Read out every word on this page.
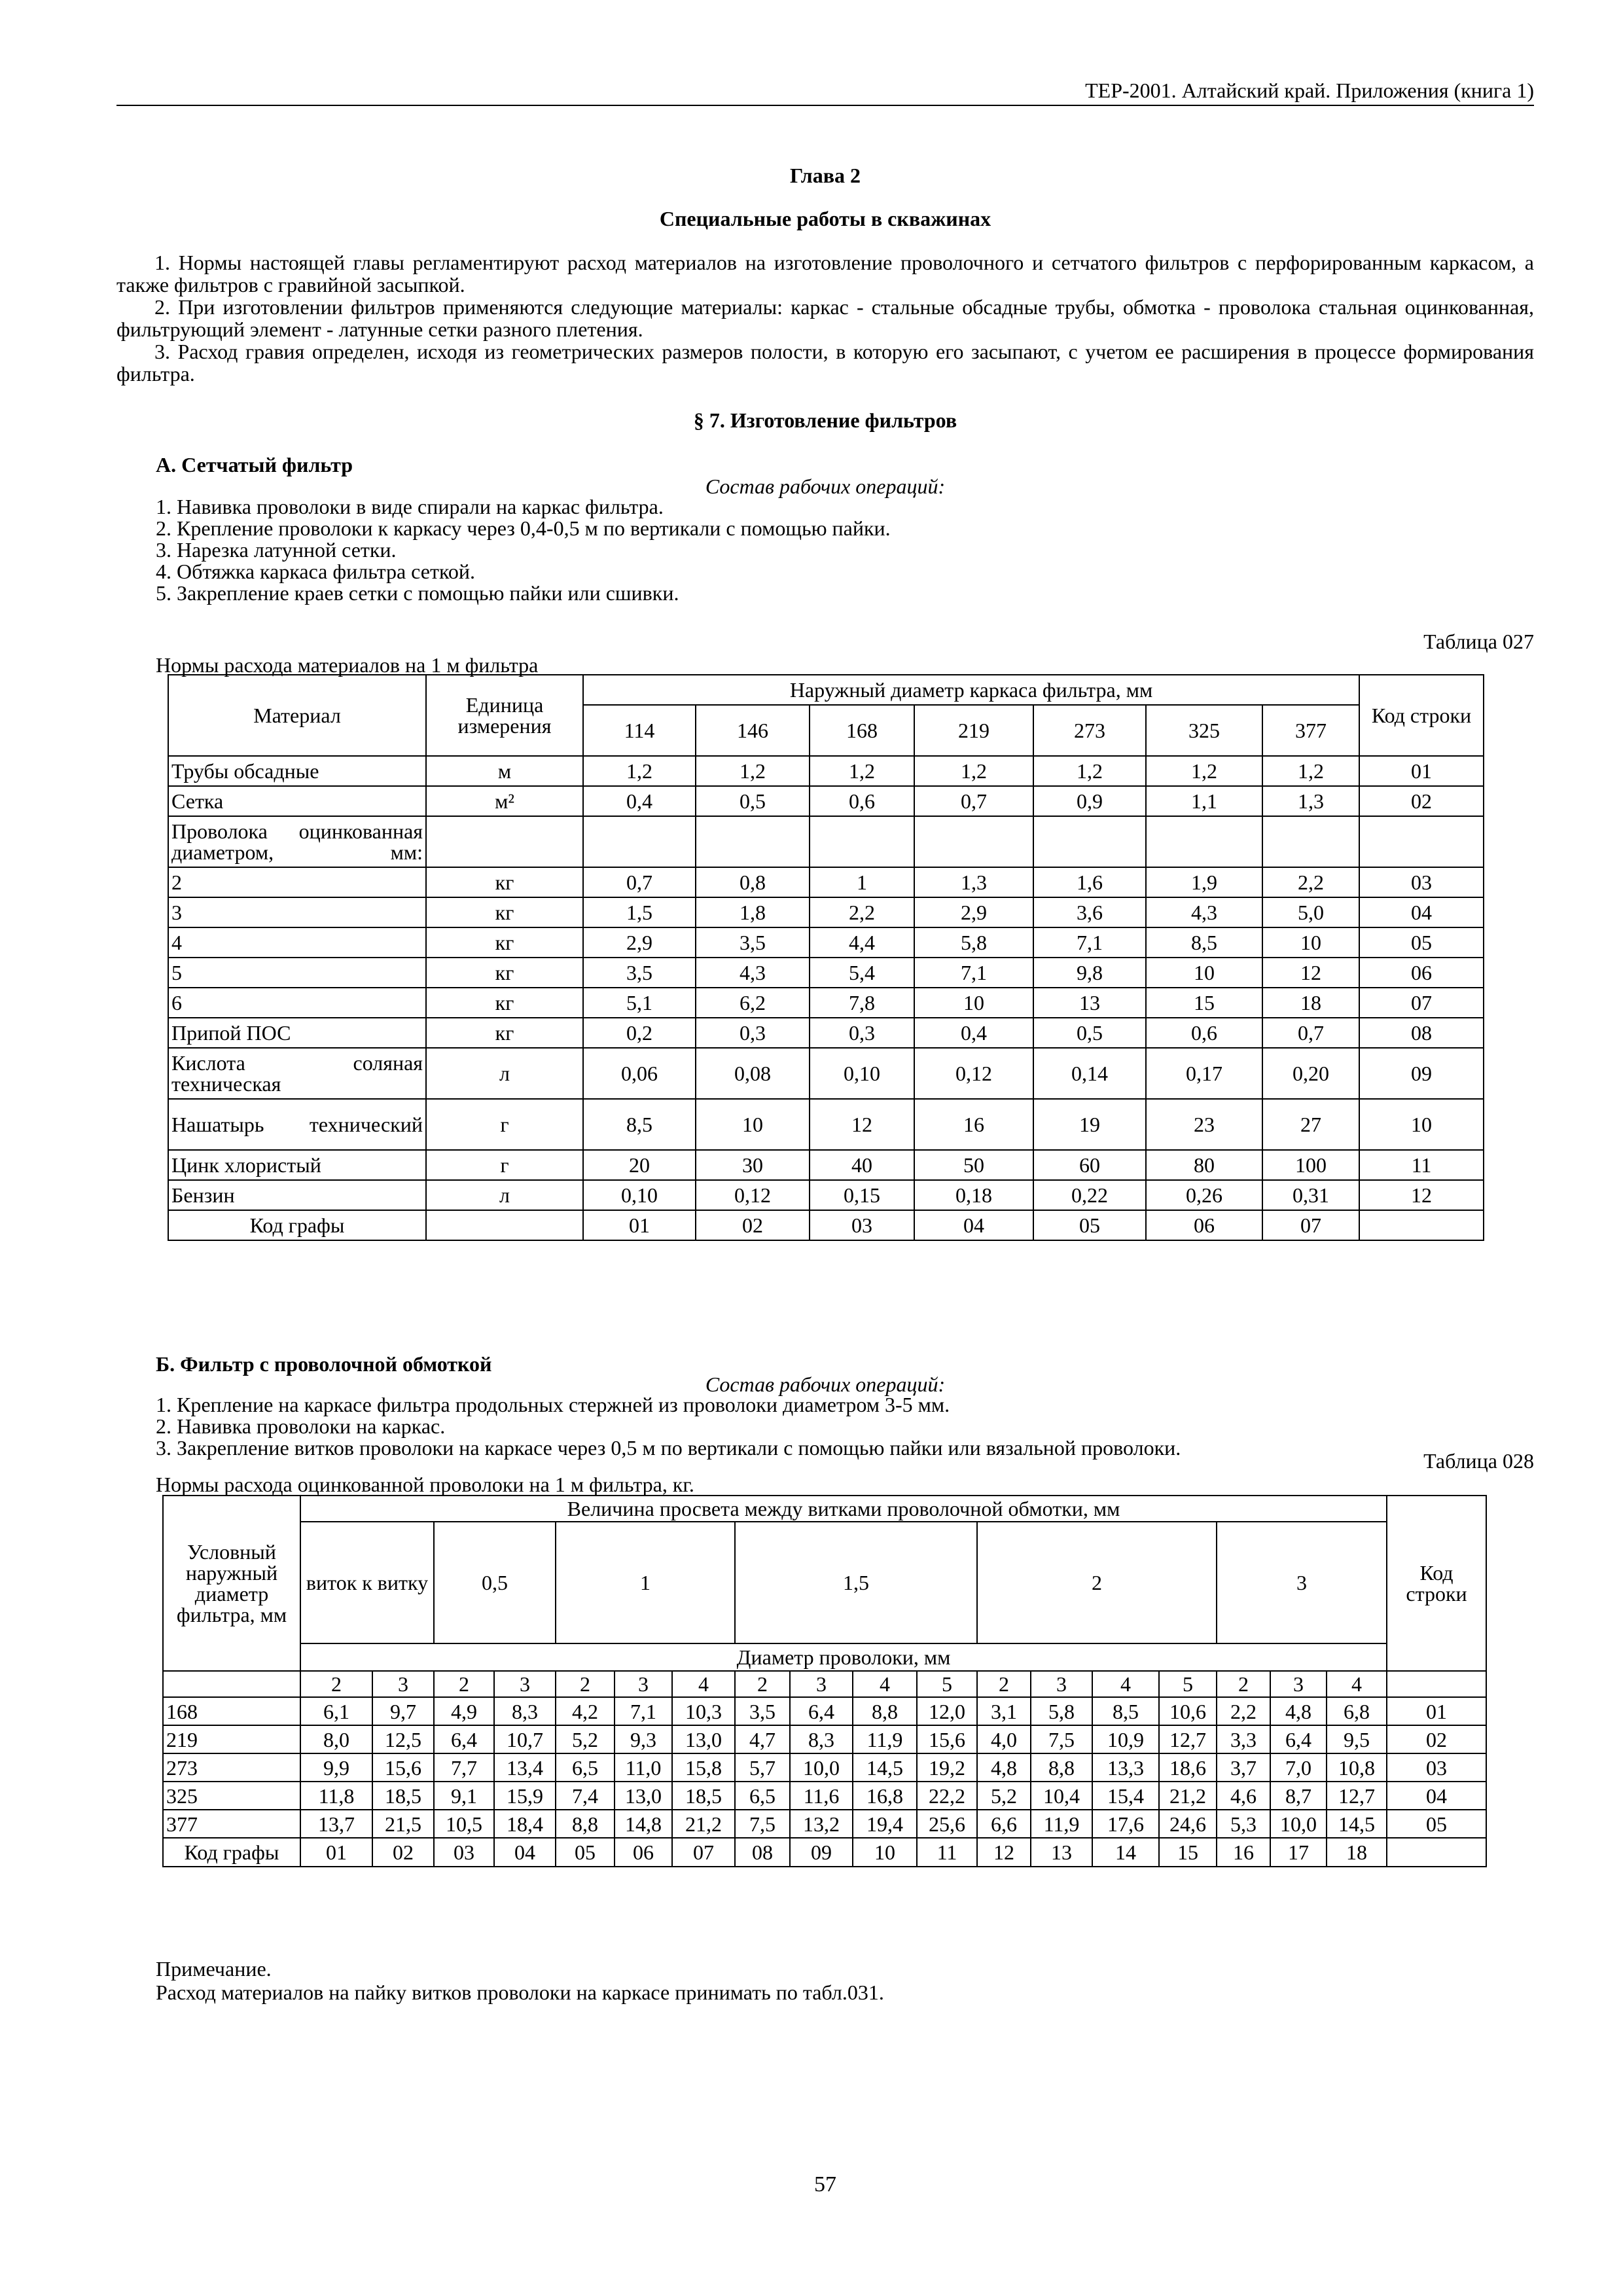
ТЕР-2001. Алтайский край. Приложения (книга 1)
Глава 2
Специальные работы в скважинах

1. Нормы настоящей главы регламентируют расход материалов на изготовление проволочного и сетчатого фильтров с перфорированным каркасом, а также фильтров с гравийной засыпкой.

2. При изготовлении фильтров применяются следующие материалы: каркас - стальные обсадные трубы, обмотка - проволока стальная оцинкованная, фильтрующий элемент - латунные сетки разного плетения.

3. Расход гравия определен, исходя из геометрических размеров полости, в которую его засыпают, с учетом ее расширения в процессе формирования фильтра.

§ 7. Изготовление фильтров
А. Сетчатый фильтр
Состав рабочих операций:
1. Навивка проволоки в виде спирали на каркас фильтра.
2. Крепление проволоки к каркасу через 0,4-0,5 м по вертикали с помощью пайки.
3. Нарезка латунной сетки.
4. Обтяжка каркаса фильтра сеткой.
5. Закрепление краев сетки с помощью пайки или сшивки.
Таблица 027
Нормы расхода материалов на 1 м фильтра
Материал	Единица измерения	Наружный диаметр каркаса фильтра, мм							Код строки
		114	146	168	219	273	325	377	
Трубы обсадные	м	1,2	1,2	1,2	1,2	1,2	1,2	1,2	01
Сетка	м²	0,4	0,5	0,6	0,7	0,9	1,1	1,3	02
Проволока оцинкованная диаметром, мм:									
2	кг	0,7	0,8	1	1,3	1,6	1,9	2,2	03
3	кг	1,5	1,8	2,2	2,9	3,6	4,3	5,0	04
4	кг	2,9	3,5	4,4	5,8	7,1	8,5	10	05
5	кг	3,5	4,3	5,4	7,1	9,8	10	12	06
6	кг	5,1	6,2	7,8	10	13	15	18	07
Припой ПОС	кг	0,2	0,3	0,3	0,4	0,5	0,6	0,7	08
Кислота соляная техническая	л	0,06	0,08	0,10	0,12	0,14	0,17	0,20	09
Нашатырь технический	г	8,5	10	12	16	19	23	27	10
Цинк хлористый	г	20	30	40	50	60	80	100	11
Бензин	л	0,10	0,12	0,15	0,18	0,22	0,26	0,31	12
Код графы		01	02	03	04	05	06	07	
Б. Фильтр с проволочной обмоткой
Состав рабочих операций:
1. Крепление на каркасе фильтра продольных стержней из проволоки диаметром 3-5 мм.
2. Навивка проволоки на каркас.
3. Закрепление витков проволоки на каркасе через 0,5 м по вертикали с помощью пайки или вязальной проволоки.
Таблица 028
Нормы расхода оцинкованной проволоки на 1 м фильтра, кг.
Условный наружный диаметр фильтра, мм	Величина просвета между витками проволочной обмотки, мм																		Код строки
	виток к витку		0,5		1			1,5				2				3			
	Диаметр проволоки, мм																		
	2	3	2	3	2	3	4	2	3	4	5	2	3	4	5	2	3	4	
168	6,1	9,7	4,9	8,3	4,2	7,1	10,3	3,5	6,4	8,8	12,0	3,1	5,8	8,5	10,6	2,2	4,8	6,8	01
219	8,0	12,5	6,4	10,7	5,2	9,3	13,0	4,7	8,3	11,9	15,6	4,0	7,5	10,9	12,7	3,3	6,4	9,5	02
273	9,9	15,6	7,7	13,4	6,5	11,0	15,8	5,7	10,0	14,5	19,2	4,8	8,8	13,3	18,6	3,7	7,0	10,8	03
325	11,8	18,5	9,1	15,9	7,4	13,0	18,5	6,5	11,6	16,8	22,2	5,2	10,4	15,4	21,2	4,6	8,7	12,7	04
377	13,7	21,5	10,5	18,4	8,8	14,8	21,2	7,5	13,2	19,4	25,6	6,6	11,9	17,6	24,6	5,3	10,0	14,5	05
Код графы	01	02	03	04	05	06	07	08	09	10	11	12	13	14	15	16	17	18	
Примечание.
Расход материалов на пайку витков проволоки на каркасе принимать по табл.031.
57
